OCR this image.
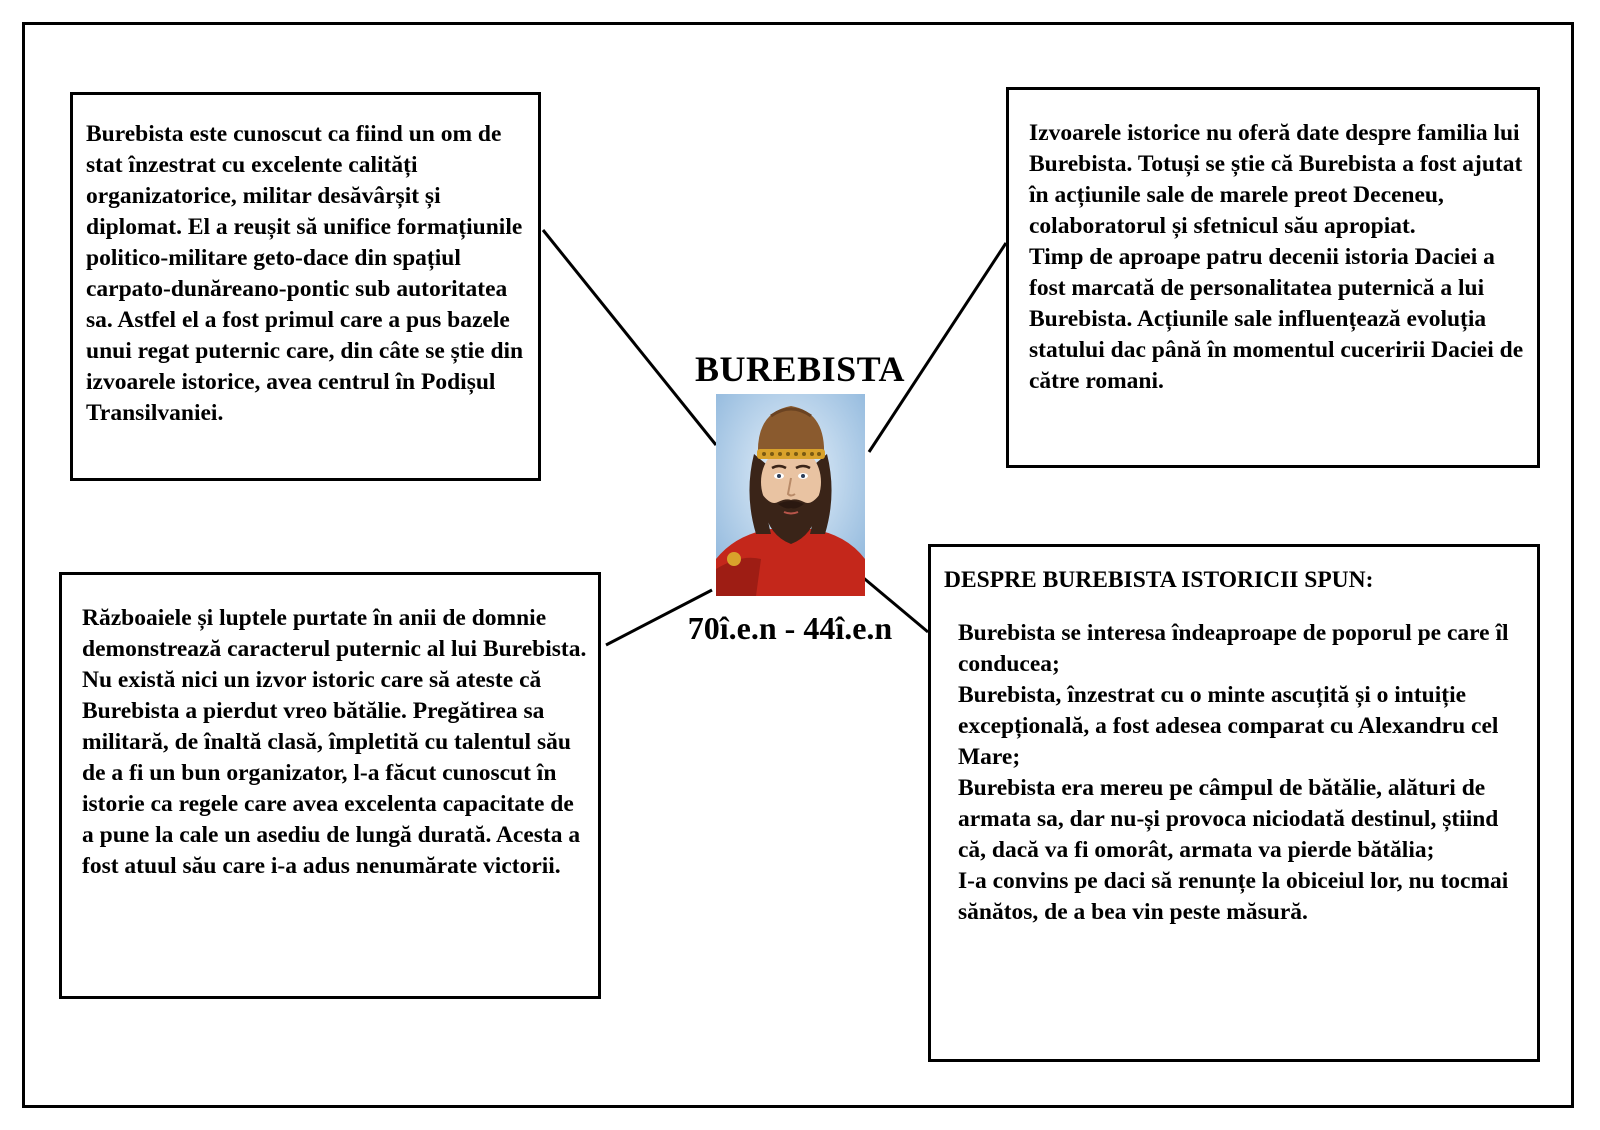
Burebista este cunoscut ca fiind un om de stat înzestrat cu excelente calități organizatorice, militar desăvârșit și diplomat. El a reușit să unifice formațiunile politico-militare geto-dace din spațiul carpato-dunăreano-pontic sub autoritatea sa. Astfel el a fost primul care a pus bazele unui regat puternic care, din câte se știe din izvoarele istorice, avea centrul în Podișul Transilvaniei.

Izvoarele istorice nu oferă date despre familia lui Burebista. Totuși se știe că Burebista a fost ajutat în acțiunile sale de marele preot Deceneu, colaboratorul și sfetnicul său apropiat.

Timp de aproape patru decenii istoria Daciei a fost marcată de personalitatea puternică a lui Burebista. Acțiunile sale influențează evoluția statului dac până în momentul cuceririi Daciei de către romani.

Războaiele și luptele purtate în anii de domnie demonstrează caracterul puternic al lui Burebista. Nu există nici un izvor istoric care să ateste că Burebista a pierdut vreo bătălie. Pregătirea sa militară, de înaltă clasă, împletită cu talentul său de a fi un bun organizator, l-a făcut cunoscut în istorie ca regele care avea excelenta capacitate de a pune la cale un asediu de lungă durată. Acesta a fost atuul său care i-a adus nenumărate victorii.

DESPRE BUREBISTA ISTORICII SPUN:

Burebista se interesa îndeaproape de poporul pe care îl conducea;

Burebista, înzestrat cu o minte ascuțită și o intuiție excepțională, a fost adesea comparat cu Alexandru cel Mare;

Burebista era mereu pe câmpul de bătălie, alături de armata sa, dar nu-și provoca niciodată destinul, știind că, dacă va fi omorât, armata va pierde bătălia;

I-a convins pe daci să renunțe la obiceiul lor, nu tocmai sănătos, de a bea vin peste măsură.

BUREBISTA
70î.e.n - 44î.e.n
